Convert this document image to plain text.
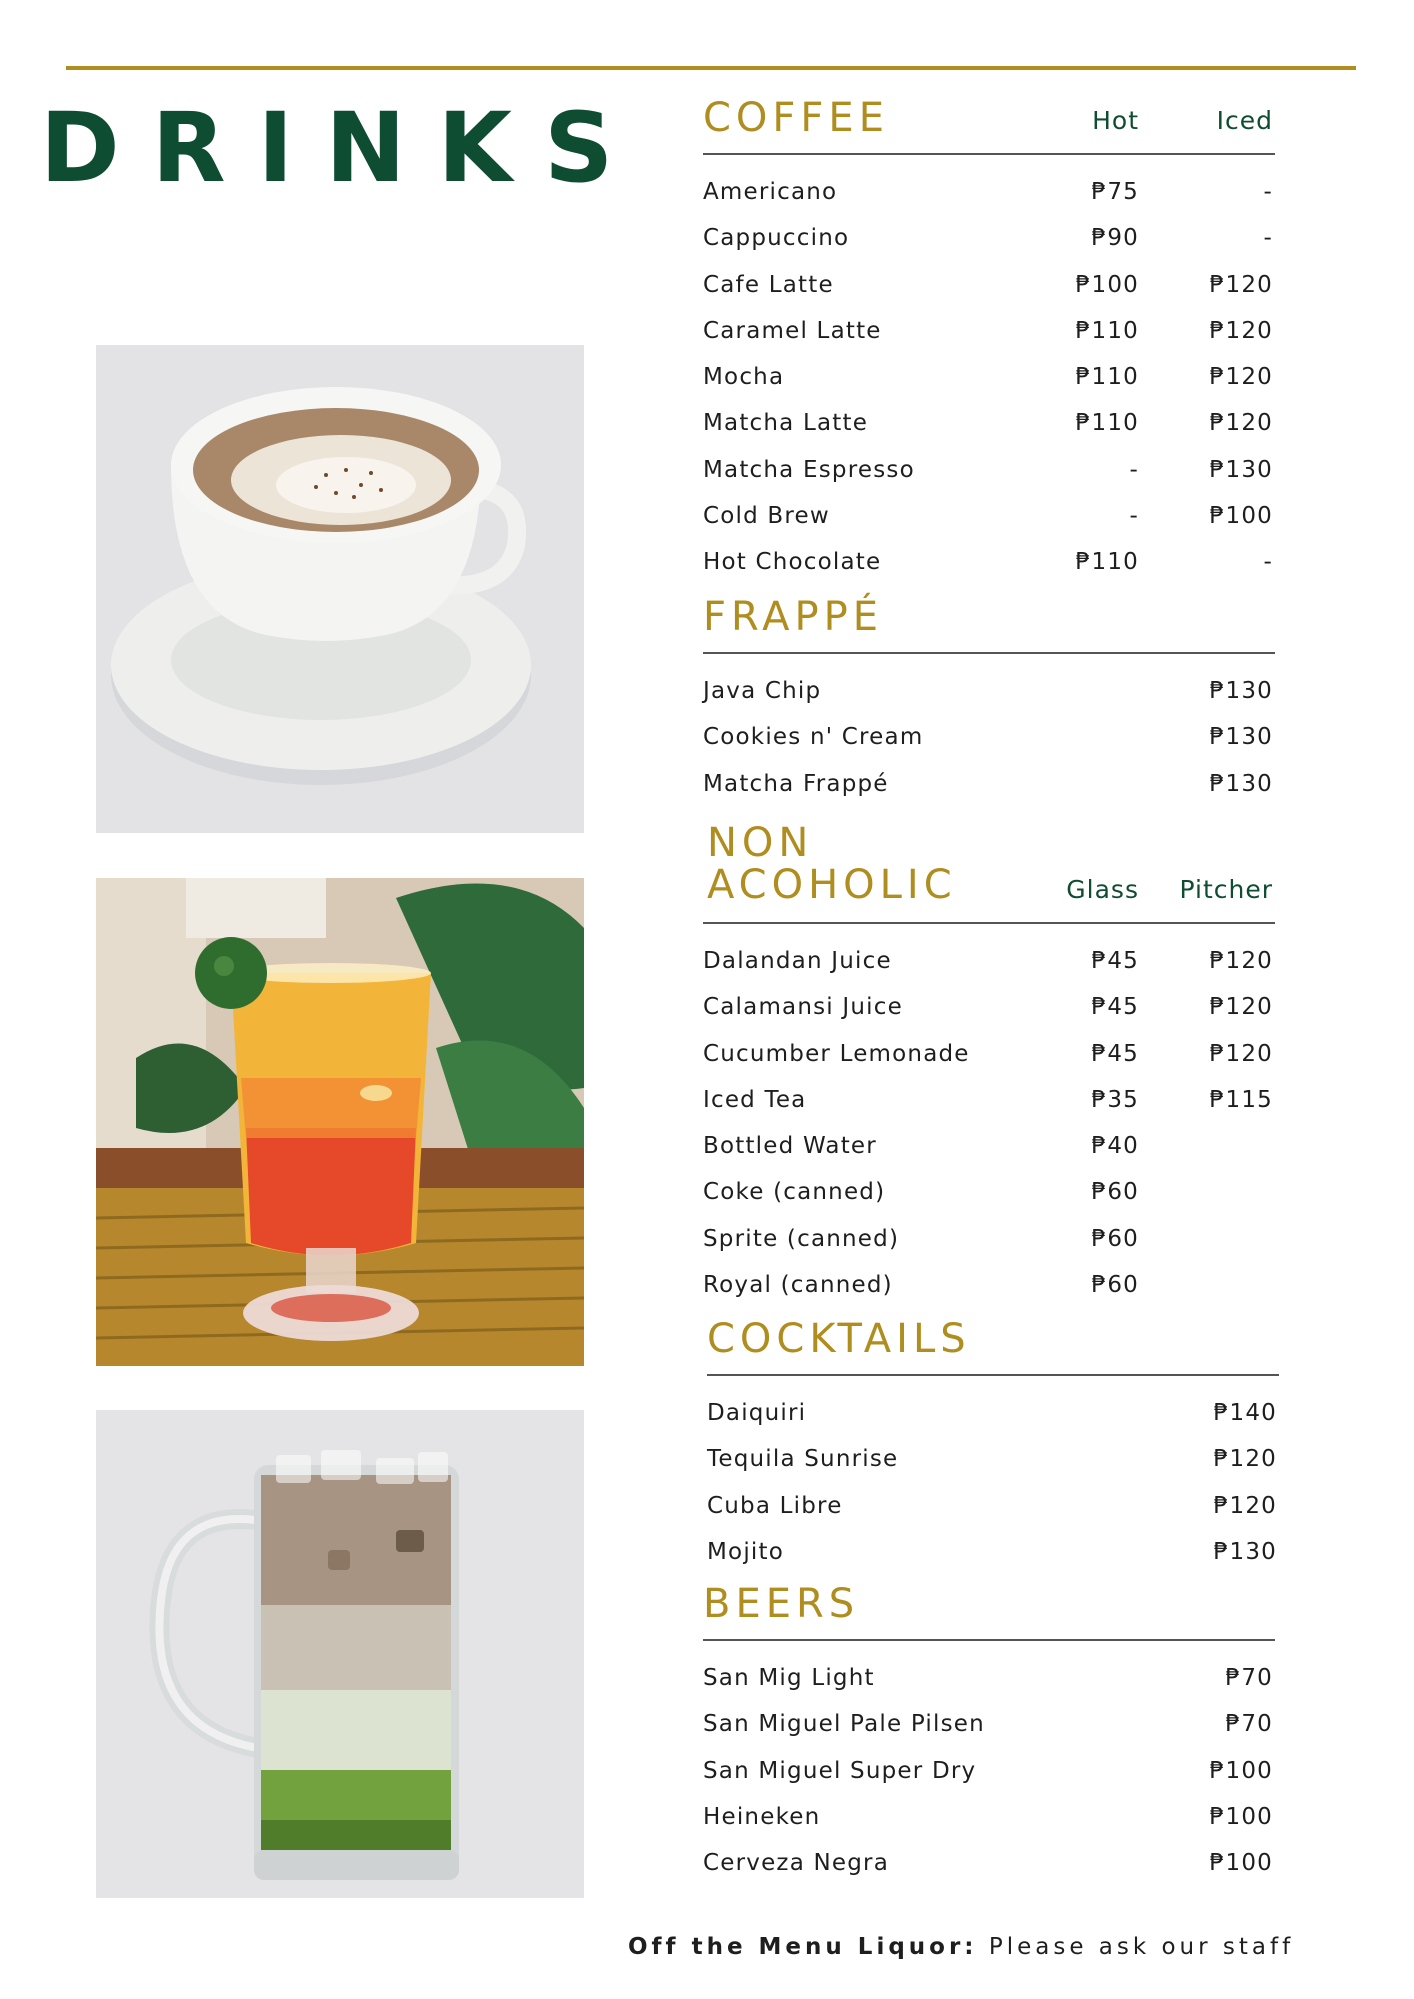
DRINKS COFFEE	Hot	Iced
Americano	₱75	-
Cappuccino	₱90	-
Cafe Latte	₱100	₱120
Caramel Latte	₱110	₱120
Mocha	₱110	₱120
Matcha Latte	₱110	₱120
Matcha Espresso	-	₱130
Cold Brew	-	₱100
Hot Chocolate	₱110	-
FRAPPÉ
Java Chip	₱130
Cookies n' Cream	₱130
Matcha Frappé	₱130
NON
ACOHOLIC	Glass Pitcher
Dalandan Juice	₱45	₱120
Calamansi Juice	₱45	₱120
Cucumber Lemonade	₱45	₱120
Iced Tea	₱35	₱115
Bottled Water	₱40
Coke (canned)	₱60
Sprite (canned)	₱60
Royal (canned)	₱60
COCKTAILS
Daiquiri	₱140
Tequila Sunrise	₱120
Cuba Libre	₱120
Mojito	₱130
BEERS
San Mig Light	₱70
San Miguel Pale Pilsen	₱70
San Miguel Super Dry	₱100
Heineken	₱100
Cerveza Negra	₱100
Off the Menu Liquor: Please ask our staff
